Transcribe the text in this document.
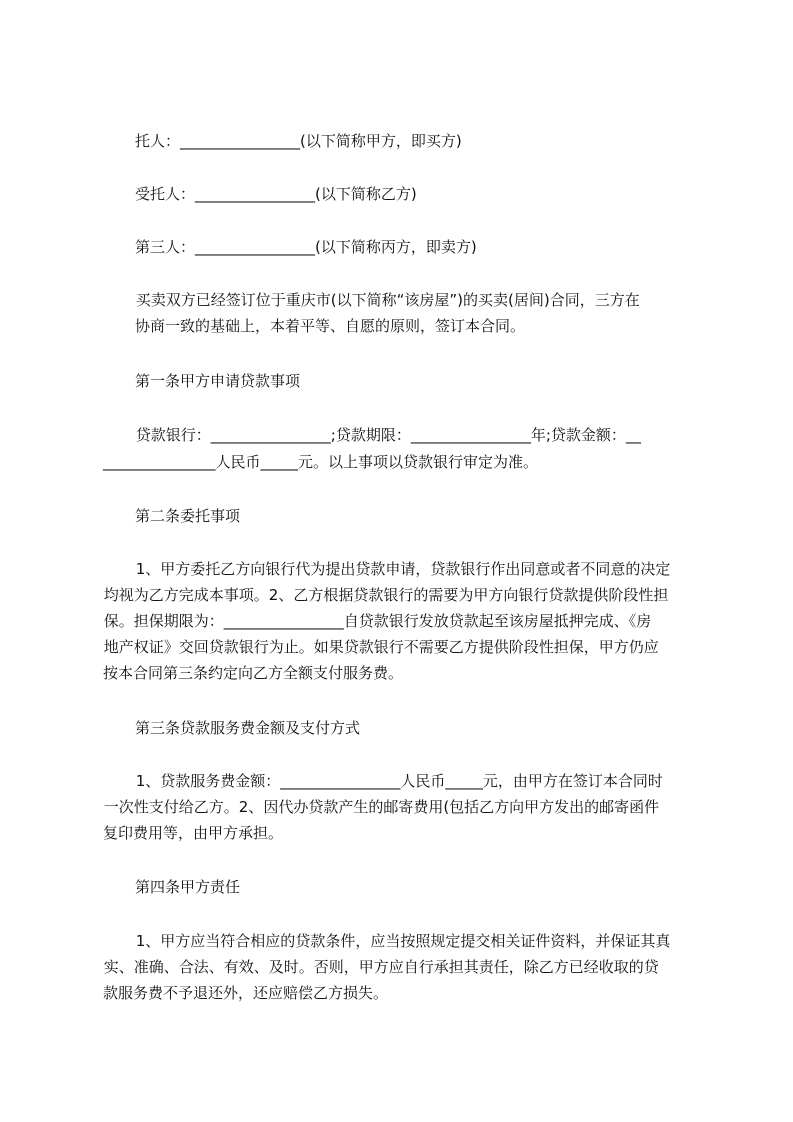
托人：________________(以下简称甲方，即买方)
受托人：________________(以下简称乙方)
第三人：________________(以下简称丙方，即卖方)
买卖双方已经签订位于重庆市(以下简称“该房屋”)的买卖(居间)合同，三方在
协商一致的基础上，本着平等、自愿的原则，签订本合同。
第一条甲方申请贷款事项
贷款银行：________________;贷款期限：________________年;贷款金额：__
_______________人民币_____元。以上事项以贷款银行审定为准。
第二条委托事项
1、甲方委托乙方向银行代为提出贷款申请，贷款银行作出同意或者不同意的决定
均视为乙方完成本事项。2、乙方根据贷款银行的需要为甲方向银行贷款提供阶段性担
保。担保期限为：________________自贷款银行发放贷款起至该房屋抵押完成、《房
地产权证》交回贷款银行为止。如果贷款银行不需要乙方提供阶段性担保，甲方仍应
按本合同第三条约定向乙方全额支付服务费。
第三条贷款服务费金额及支付方式
1、贷款服务费金额：________________人民币_____元，由甲方在签订本合同时
一次性支付给乙方。2、因代办贷款产生的邮寄费用(包括乙方向甲方发出的邮寄函件
复印费用等，由甲方承担。
第四条甲方责任
1、甲方应当符合相应的贷款条件，应当按照规定提交相关证件资料，并保证其真
实、准确、合法、有效、及时。否则，甲方应自行承担其责任，除乙方已经收取的贷
款服务费不予退还外，还应赔偿乙方损失。
